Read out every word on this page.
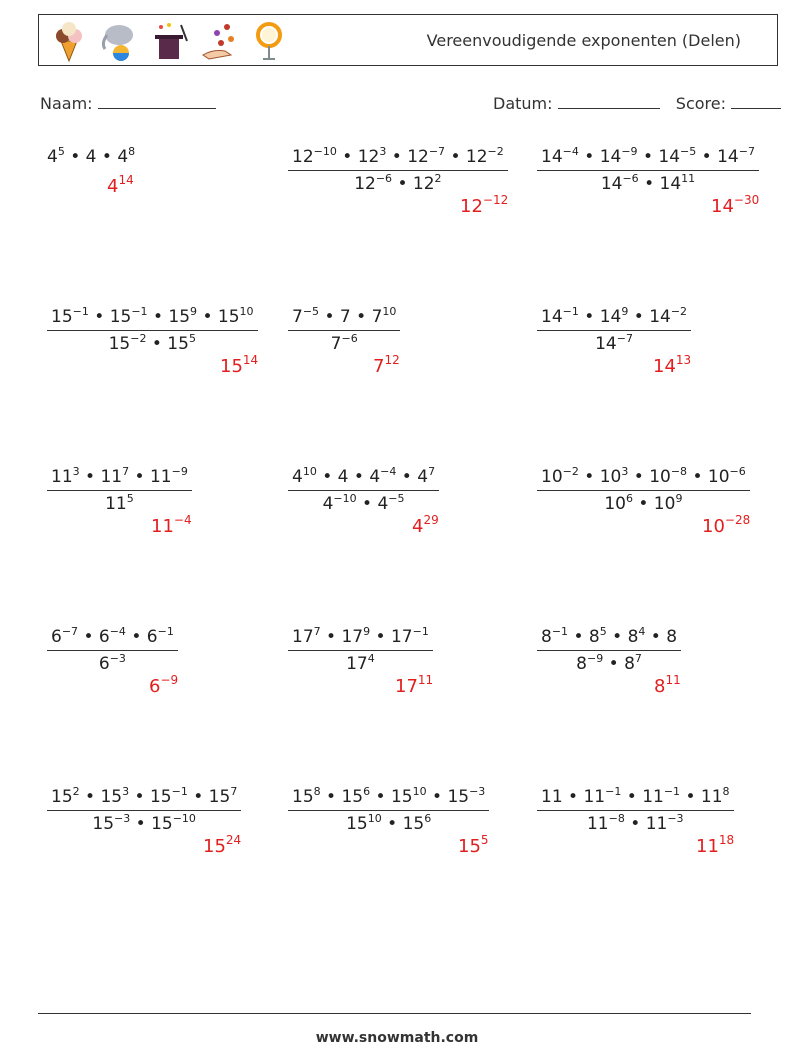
Vereenvoudigende exponenten (Delen)
Naam:	Datum:	Score:
$4^5$ • 4 • $4^8$
$4^{14}$	$\frac{12^{-10} • 12^3 • 12^{-7} • 12^{-2}}{12^{-6} • 12^2}$
$12^{-12}$
$\frac{14^{-4} • 14^{-9} • 14^{-5} • 14^{-7}}{14^{-6} • 14^{11}}$
$14^{-30}$
$\frac{15^{-1} • 15^{-1} • 15^9 • 15^{10}}{15^{-2} • 15^5}$
$15^{14}$
$\frac{7^{-5} • 7 • 7^{10}}{7^{-6}}$
$7^{12}$
$\frac{14^{-1} • 14^9 • 14^{-2}}{14^{-7}}$
$14^{13}$
$\frac{11^3 • 11^7 • 11^{-9}}{11^5}$
$11^{-4}$
$\frac{4^{10} • 4 • 4^{-4} • 4^7}{4^{-10} • 4^{-5}}$
$4^{29}$
$\frac{10^{-2} • 10^3 • 10^{-8} • 10^{-6}}{10^6 • 10^9}$
$10^{-28}$
$\frac{6^{-7} • 6^{-4} • 6^{-1}}{6^{-3}}$
$6^{-9}$
$\frac{17^7 • 17^9 • 17^{-1}}{17^4}$
$17^{11}$
$\frac{8^{-1} • 8^5 • 8^4 • 8}{8^{-9} • 8^7}$
$8^{11}$
$\frac{15^2 • 15^3 • 15^{-1} • 15^7}{15^{-3} • 15^{-10}}$
$15^{24}$
$\frac{15^8 • 15^6 • 15^{10} • 15^{-3}}{15^{10} • 15^6}$
$15^5$
$\frac{11 • 11^{-1} • 11^{-1} • 11^8}{11^{-8} • 11^{-3}}$
$11^{18}$
www.snowmath.com
